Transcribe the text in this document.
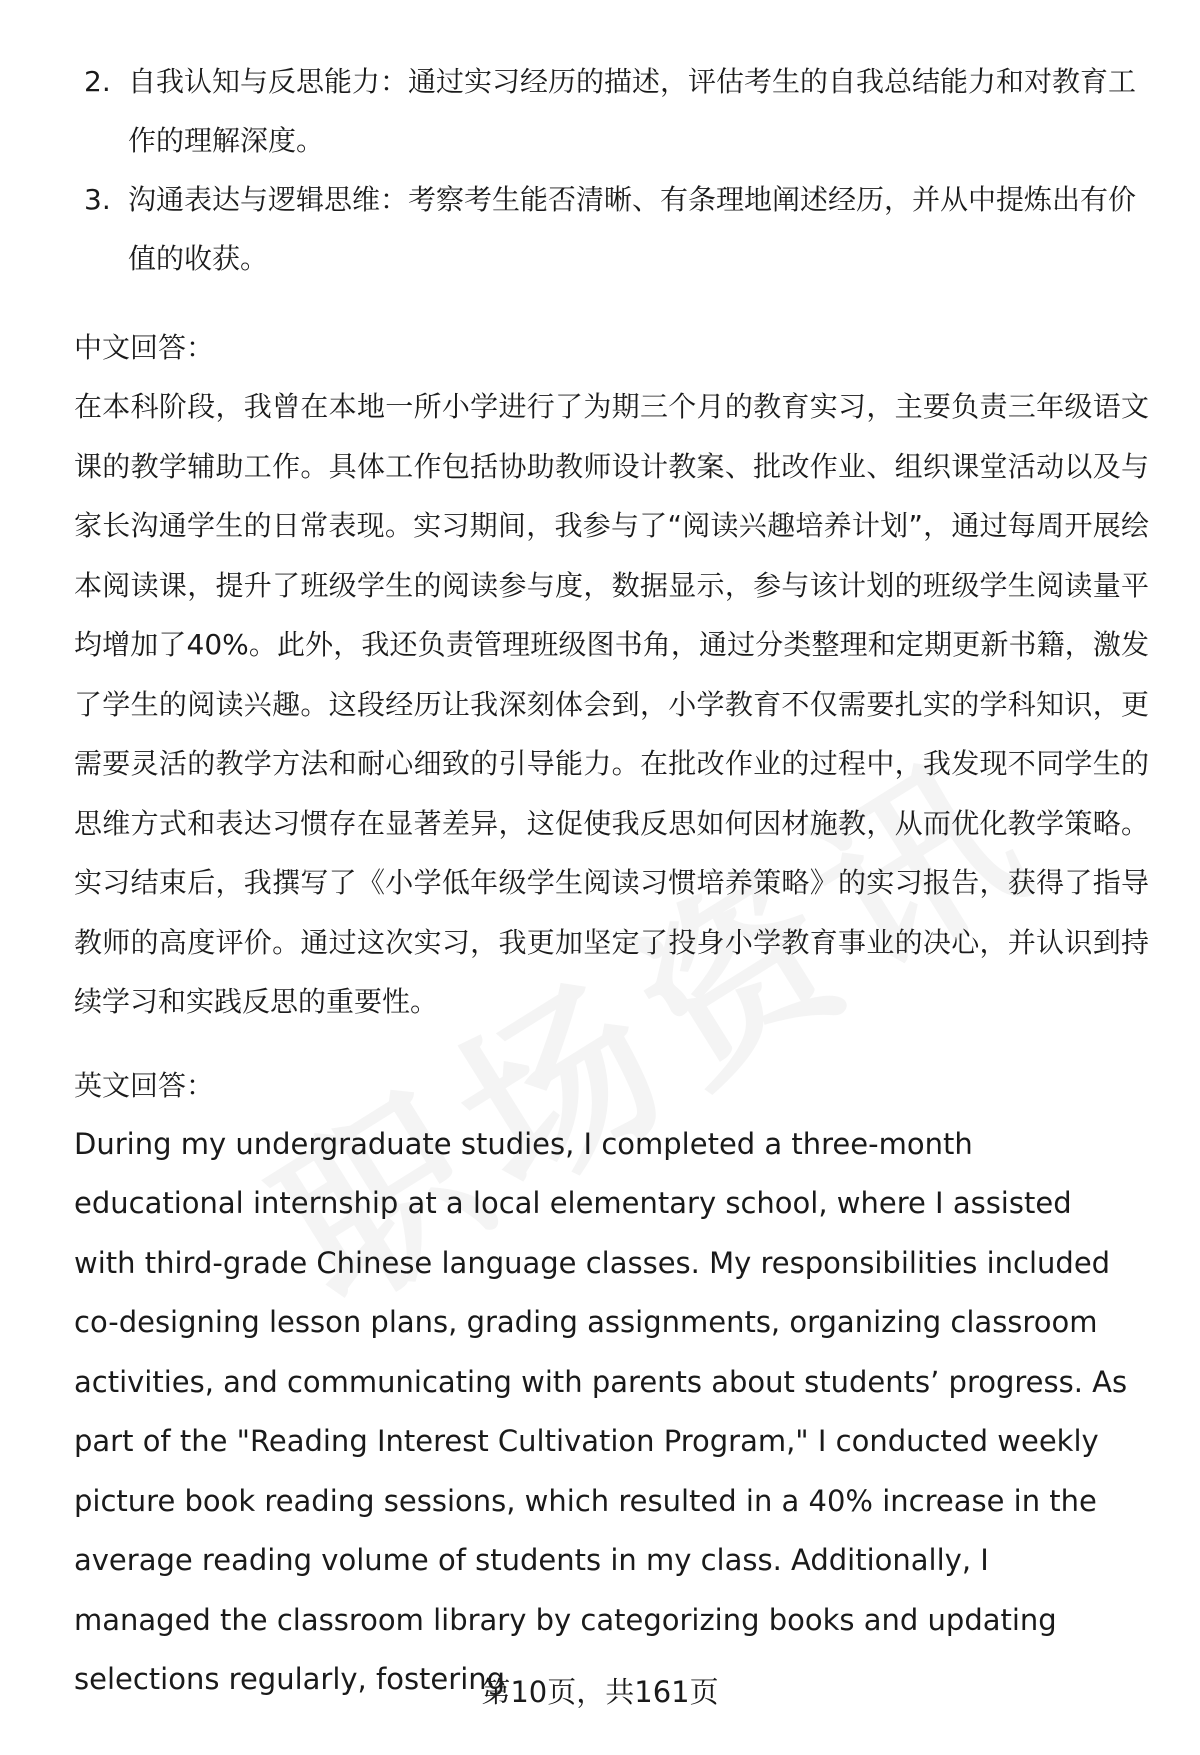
2. 自我认知与反思能力：通过实习经历的描述，评估考生的自我总结能力和对教育工作的理解深度。
3. 沟通表达与逻辑思维：考察考生能否清晰、有条理地阐述经历，并从中提炼出有价值的收获。

中文回答：

在本科阶段，我曾在本地一所小学进行了为期三个月的教育实习，主要负责三年级语文课的教学辅助工作。具体工作包括协助教师设计教案、批改作业、组织课堂活动以及与家长沟通学生的日常表现。实习期间，我参与了“阅读兴趣培养计划”，通过每周开展绘本阅读课，提升了班级学生的阅读参与度，数据显示，参与该计划的班级学生阅读量平均增加了40%。此外，我还负责管理班级图书角，通过分类整理和定期更新书籍，激发了学生的阅读兴趣。这段经历让我深刻体会到，小学教育不仅需要扎实的学科知识，更需要灵活的教学方法和耐心细致的引导能力。在批改作业的过程中，我发现不同学生的思维方式和表达习惯存在显著差异，这促使我反思如何因材施教，从而优化教学策略。实习结束后，我撰写了《小学低年级学生阅读习惯培养策略》的实习报告，获得了指导教师的高度评价。通过这次实习，我更加坚定了投身小学教育事业的决心，并认识到持续学习和实践反思的重要性。

英文回答：

During my undergraduate studies, I completed a three-month educational internship at a local elementary school, where I assisted with third-grade Chinese language classes. My responsibilities included co-designing lesson plans, grading assignments, organizing classroom activities, and communicating with parents about students’ progress. As part of the "Reading Interest Cultivation Program," I conducted weekly picture book reading sessions, which resulted in a 40% increase in the average reading volume of students in my class. Additionally, I managed the classroom library by categorizing books and updating selections regularly, fostering

第10页，共161页
